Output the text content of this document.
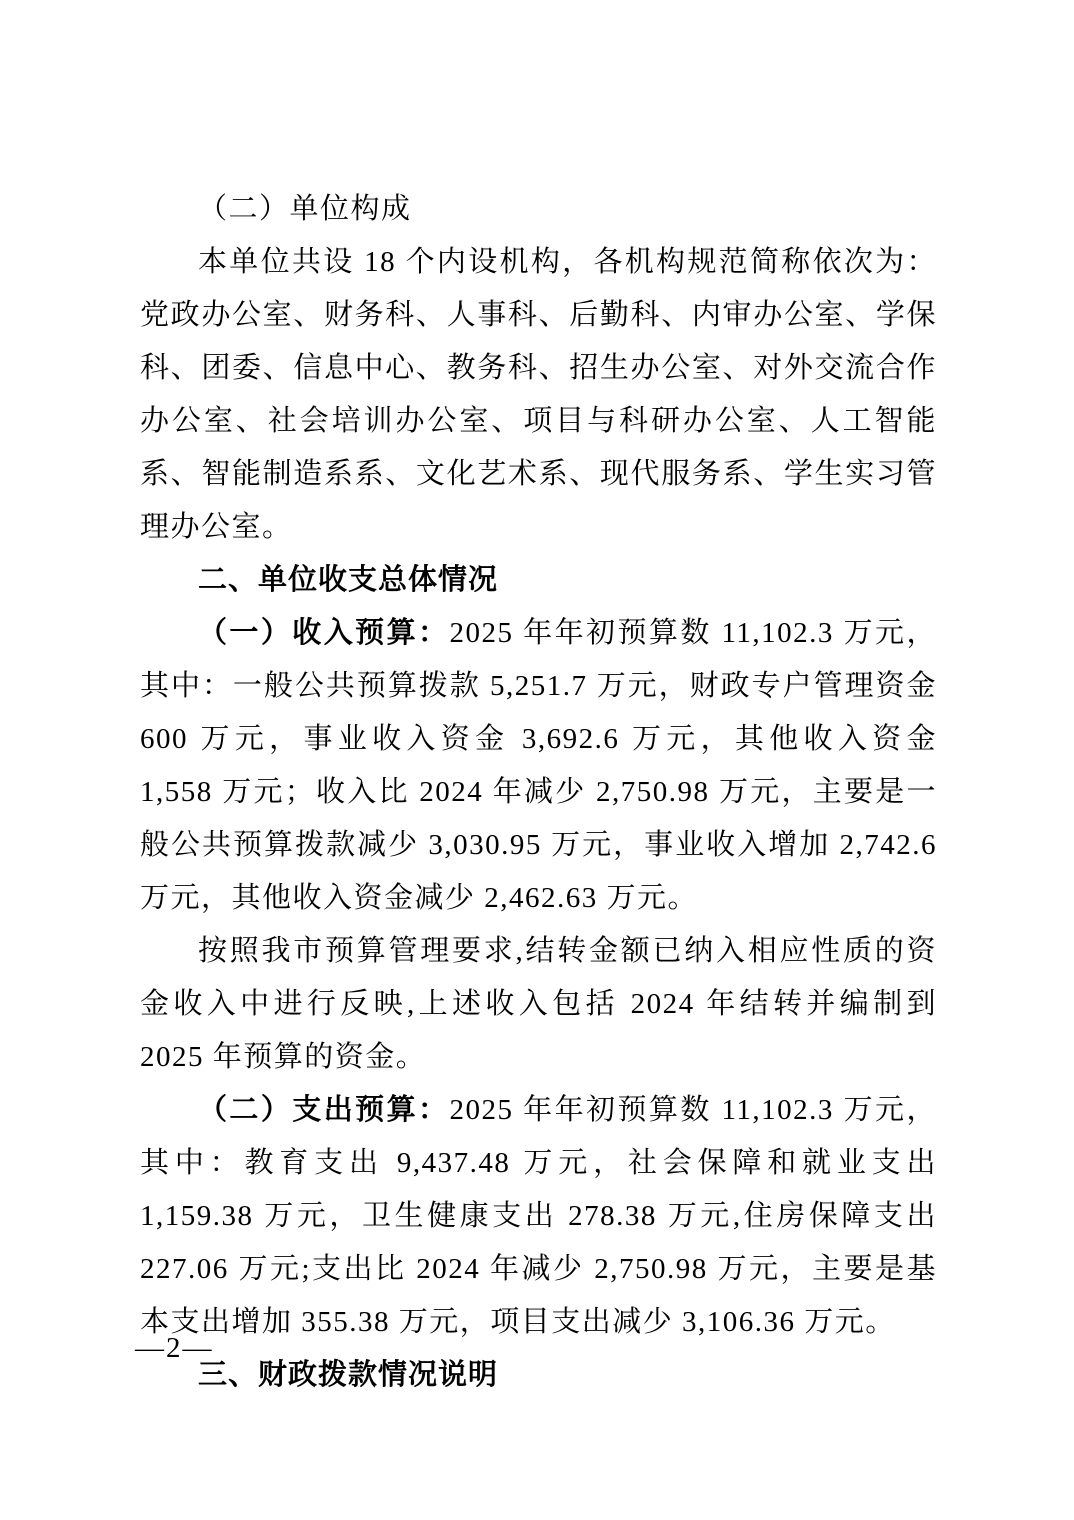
（二）单位构成

本单位共设 18 个内设机构，各机构规范简称依次为：党政办公室、财务科、人事科、后勤科、内审办公室、学保科、团委、信息中心、教务科、招生办公室、对外交流合作办公室、社会培训办公室、项目与科研办公室、人工智能系、智能制造系系、文化艺术系、现代服务系、学生实习管理办公室。

二、单位收支总体情况

（一）收入预算：2025 年年初预算数 11,102.3 万元，其中：一般公共预算拨款 5,251.7 万元，财政专户管理资金 600 万元，事业收入资金 3,692.6 万元，其他收入资金 1,558 万元；收入比 2024 年减少 2,750.98 万元，主要是一般公共预算拨款减少 3,030.95 万元，事业收入增加 2,742.6 万元，其他收入资金减少 2,462.63 万元。

按照我市预算管理要求,结转金额已纳入相应性质的资金收入中进行反映,上述收入包括 2024 年结转并编制到 2025 年预算的资金。

（二）支出预算：2025 年年初预算数 11,102.3 万元，其中：教育支出 9,437.48 万元，社会保障和就业支出 1,159.38 万元，卫生健康支出 278.38 万元,住房保障支出 227.06 万元;支出比 2024 年减少 2,750.98 万元，主要是基本支出增加 355.38 万元，项目支出减少 3,106.36 万元。

三、财政拨款情况说明

—2—
